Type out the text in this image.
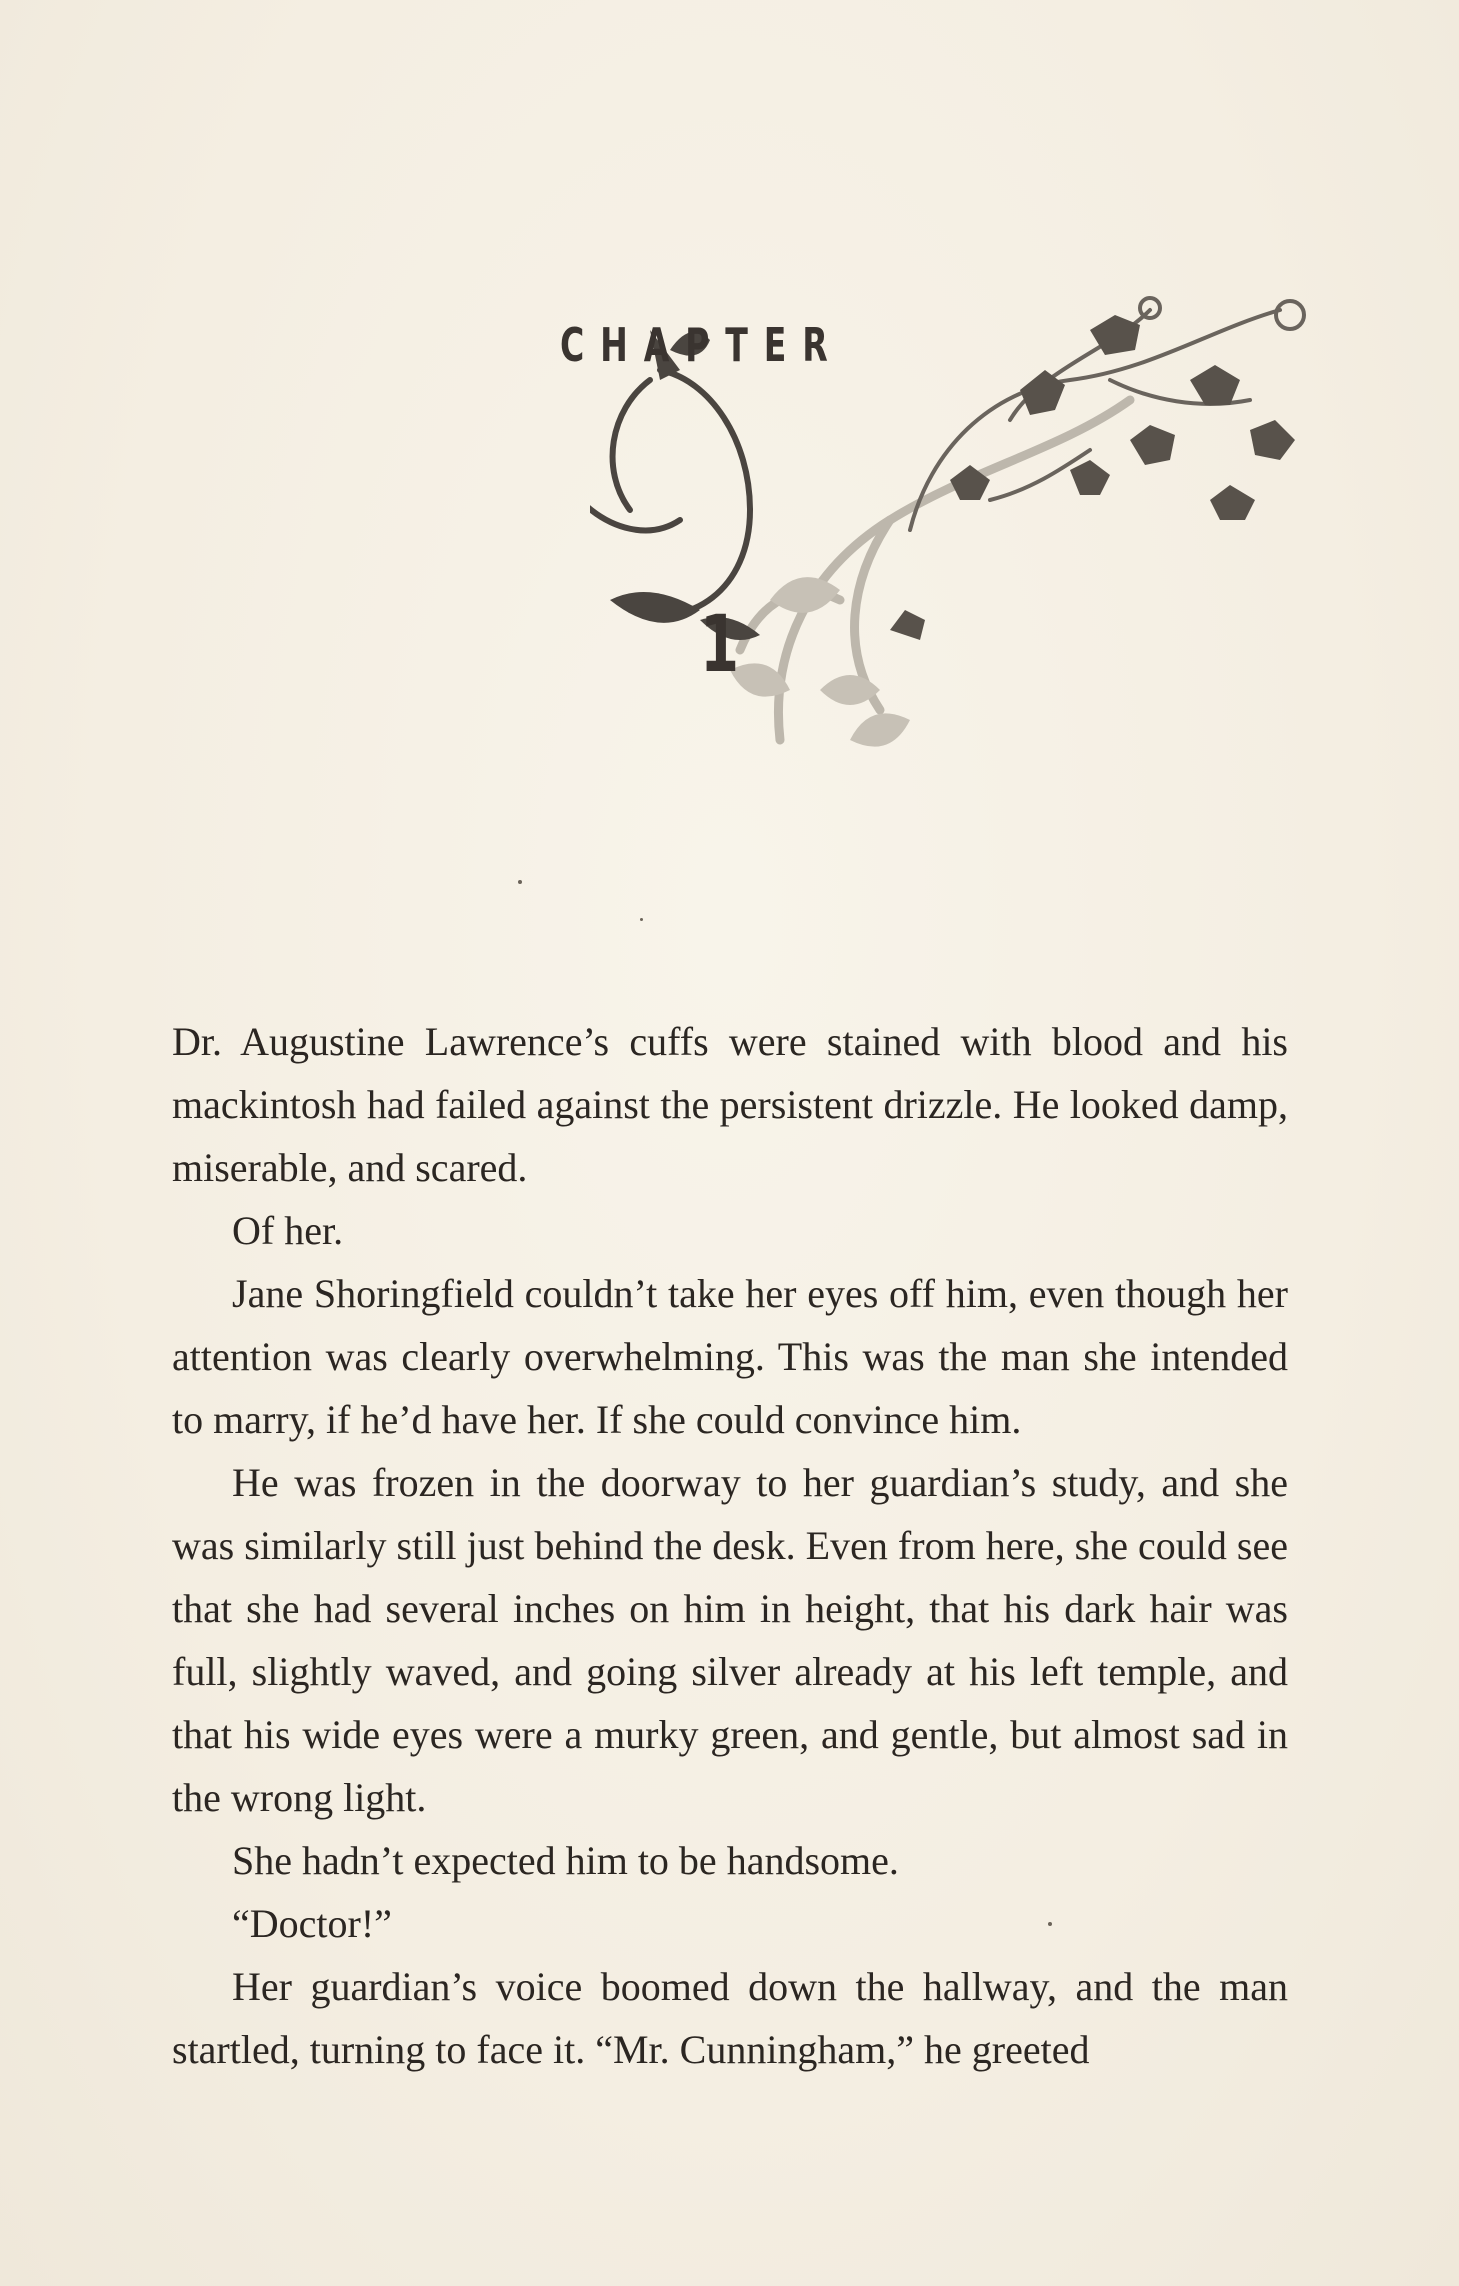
CHAPTER
1

Dr. Augustine Lawrence’s cuffs were stained with blood and his mackintosh had failed against the persistent drizzle. He looked damp, miserable, and scared.

Of her.

Jane Shoringfield couldn’t take her eyes off him, even though her attention was clearly overwhelming. This was the man she intended to marry, if he’d have her. If she could convince him.

He was frozen in the doorway to her guardian’s study, and she was similarly still just behind the desk. Even from here, she could see that she had several inches on him in height, that his dark hair was full, slightly waved, and going silver already at his left temple, and that his wide eyes were a murky green, and gentle, but almost sad in the wrong light.

She hadn’t expected him to be handsome.

“Doctor!”

Her guardian’s voice boomed down the hallway, and the man startled, turning to face it. “Mr. Cunningham,” he greeted
